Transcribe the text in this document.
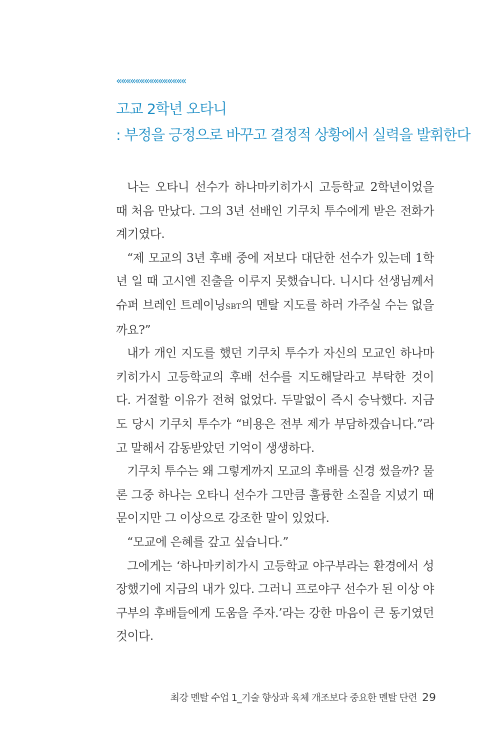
«««««««««««««««
고교 2학년 오타니
: 부정을 긍정으로 바꾸고 결정적 상황에서 실력을 발휘한다

나는 오타니 선수가 하나마키히가시 고등학교 2학년이었을 때 처음 만났다. 그의 3년 선배인 기쿠치 투수에게 받은 전화가 계기였다.

“제 모교의 3년 후배 중에 저보다 대단한 선수가 있는데 1학년 일 때 고시엔 진출을 이루지 못했습니다. 니시다 선생님께서 슈퍼 브레인 트레이닝SBT의 멘탈 지도를 하러 가주실 수는 없을까요?”

내가 개인 지도를 했던 기쿠치 투수가 자신의 모교인 하나마키히가시 고등학교의 후배 선수를 지도해달라고 부탁한 것이다. 거절할 이유가 전혀 없었다. 두말없이 즉시 승낙했다. 지금도 당시 기쿠치 투수가 “비용은 전부 제가 부담하겠습니다.”라고 말해서 감동받았던 기억이 생생하다.

기쿠치 투수는 왜 그렇게까지 모교의 후배를 신경 썼을까? 물론 그중 하나는 오타니 선수가 그만큼 훌륭한 소질을 지녔기 때문이지만 그 이상으로 강조한 말이 있었다.

“모교에 은혜를 갚고 싶습니다.”

그에게는 ‘하나마키히가시 고등학교 야구부라는 환경에서 성장했기에 지금의 내가 있다. 그러니 프로야구 선수가 된 이상 야구부의 후배들에게 도움을 주자.’라는 강한 마음이 큰 동기였던 것이다.

최강 멘탈 수업 1_기술 향상과 육체 개조보다 중요한 멘탈 단련 29
